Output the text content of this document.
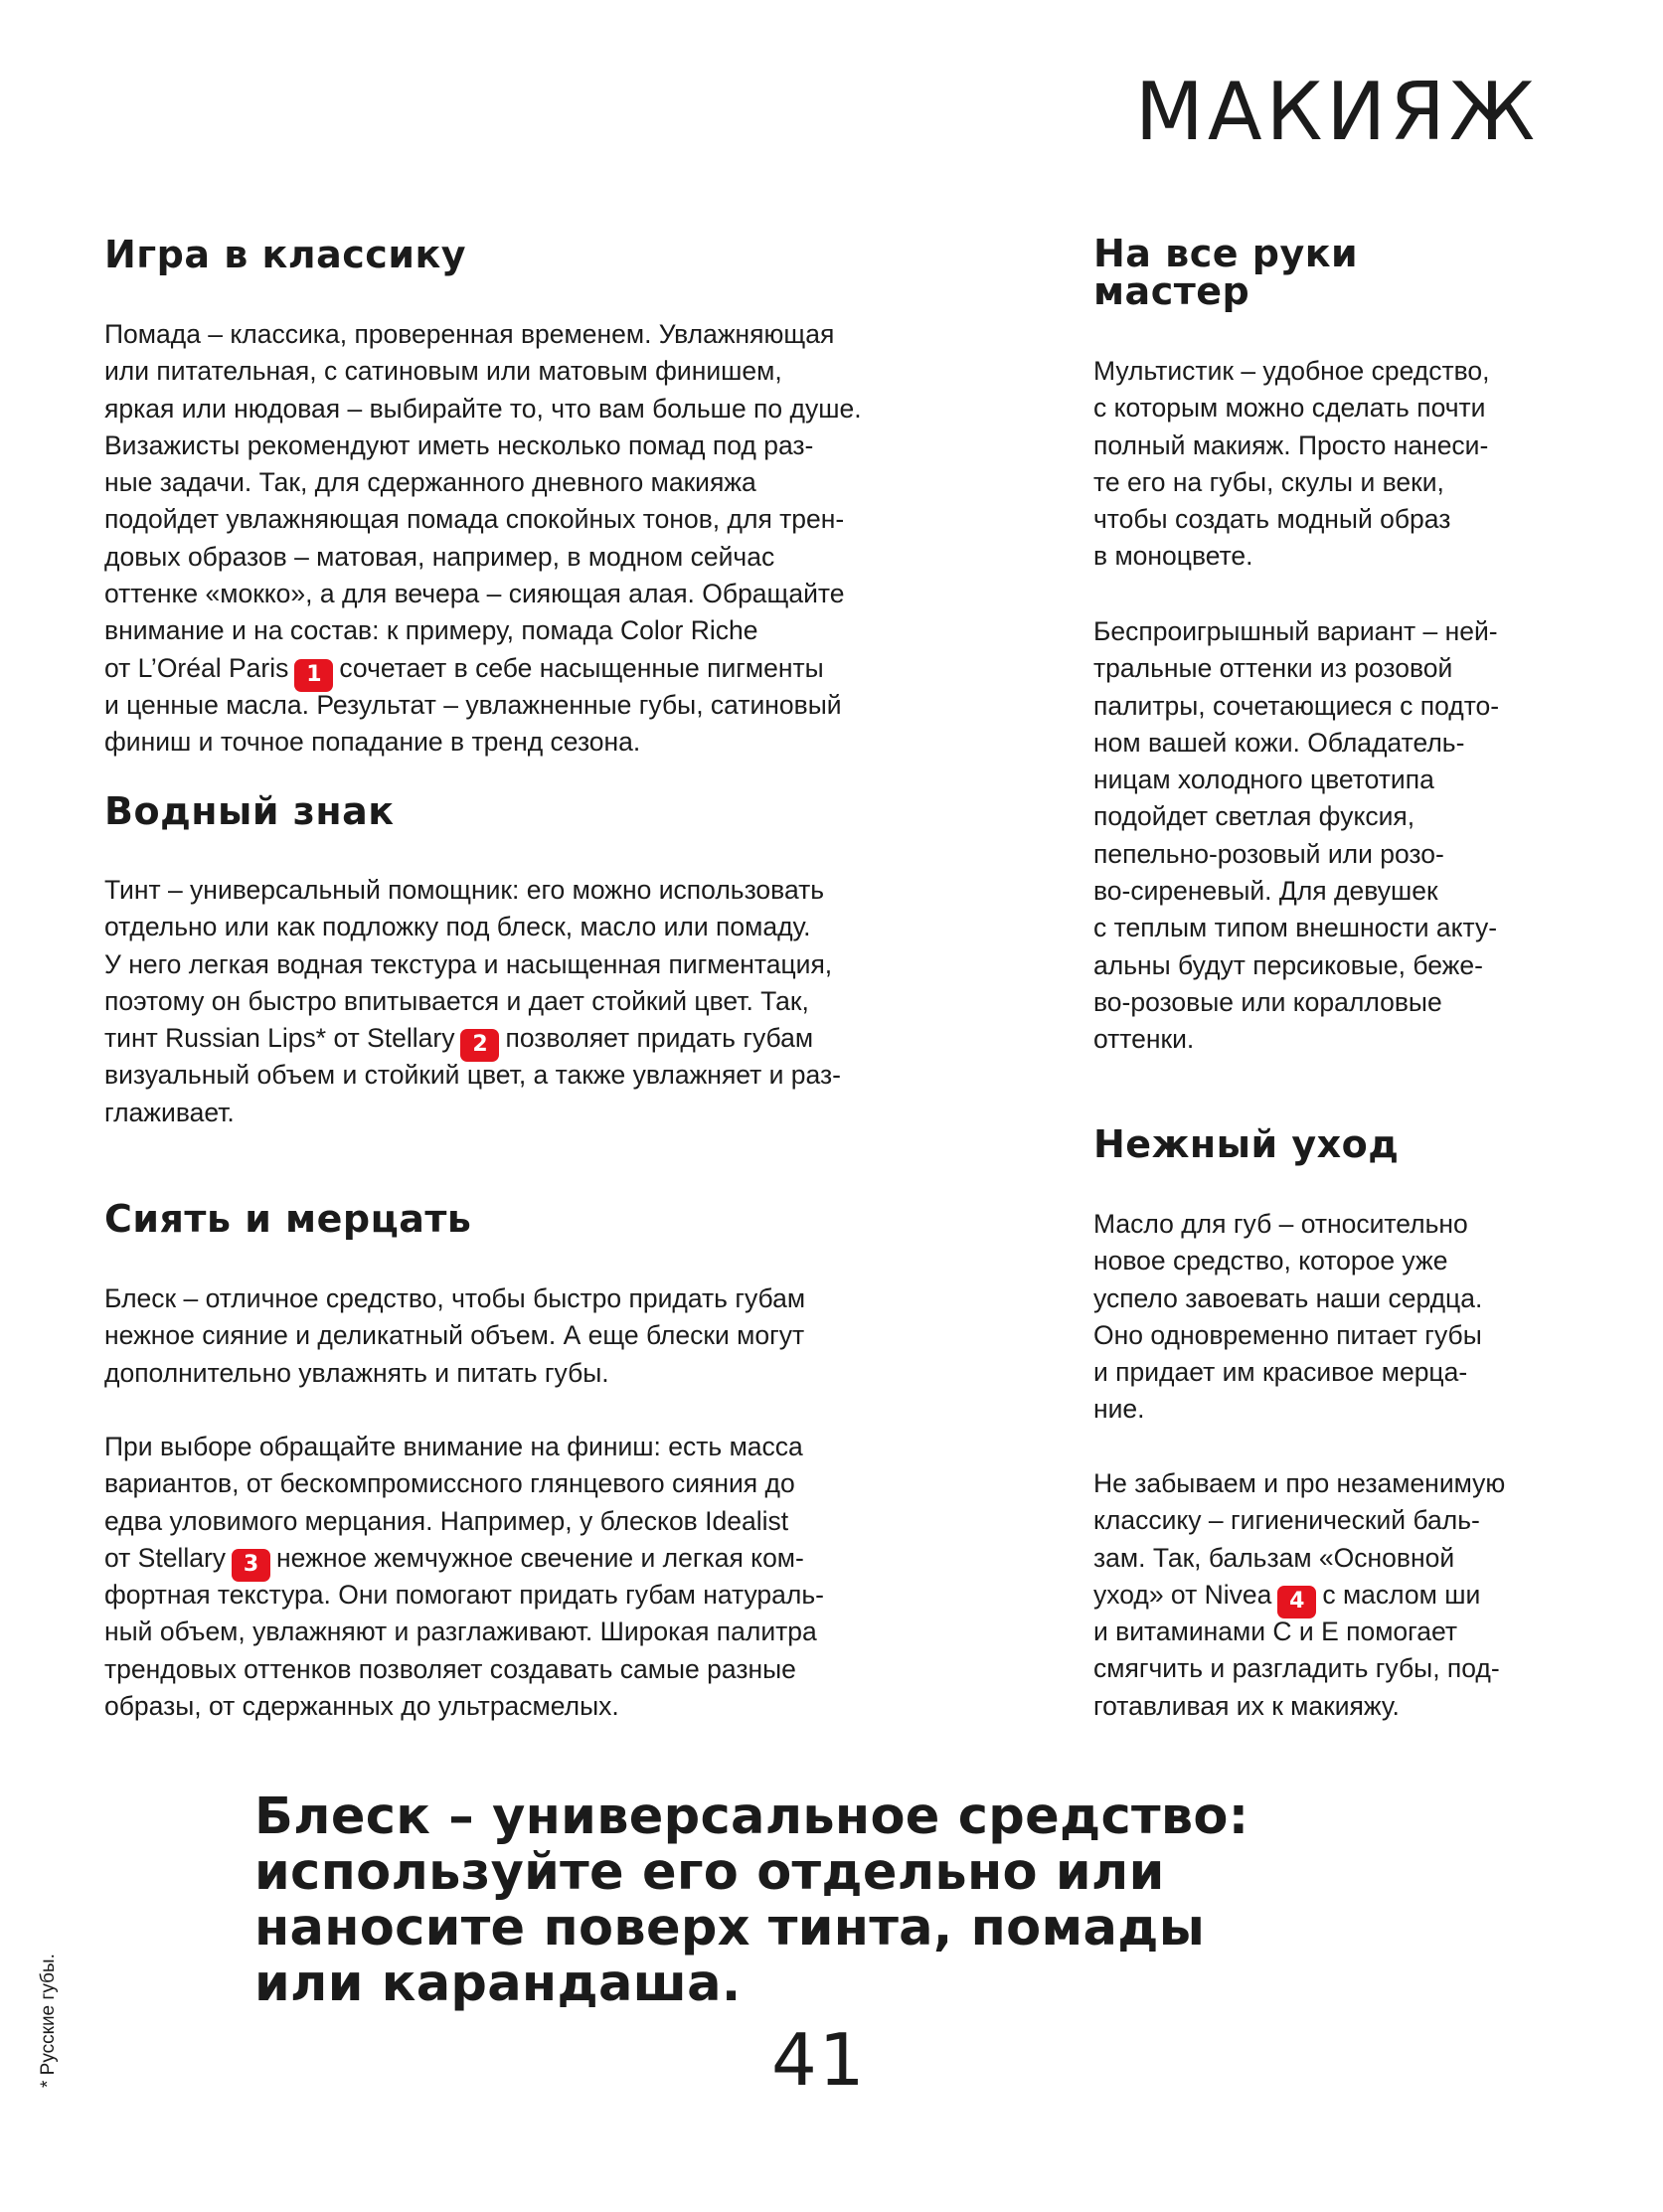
МАКИЯЖ
Игра в классику
Помада – классика, проверенная временем. Увлажняющая
или питательная, с сатиновым или матовым финишем,
яркая или нюдовая – выбирайте то, что вам больше по душе.
Визажисты рекомендуют иметь несколько помад под раз-
ные задачи. Так, для сдержанного дневного макияжа
подойдет увлажняющая помада спокойных тонов, для трен-
довых образов – матовая, например, в модном сейчас
оттенке «мокко», а для вечера – сияющая алая. Обращайте
внимание и на состав: к примеру, помада Color Riche
от L’Oréal Paris 1 сочетает в себе насыщенные пигменты
и ценные масла. Результат – увлажненные губы, сатиновый
финиш и точное попадание в тренд сезона.
Водный знак
Тинт – универсальный помощник: его можно использовать
отдельно или как подложку под блеск, масло или помаду.
У него легкая водная текстура и насыщенная пигментация,
поэтому он быстро впитывается и дает стойкий цвет. Так,
тинт Russian Lips* от Stellary 2 позволяет придать губам
визуальный объем и стойкий цвет, а также увлажняет и раз-
глаживает.
Сиять и мерцать
Блеск – отличное средство, чтобы быстро придать губам
нежное сияние и деликатный объем. А еще блески могут
дополнительно увлажнять и питать губы.
При выборе обращайте внимание на финиш: есть масса
вариантов, от бескомпромиссного глянцевого сияния до
едва уловимого мерцания. Например, у блесков Idealist
от Stellary 3 нежное жемчужное свечение и легкая ком-
фортная текстура. Они помогают придать губам натураль-
ный объем, увлажняют и разглаживают. Широкая палитра
трендовых оттенков позволяет создавать самые разные
образы, от сдержанных до ультрасмелых.
На все руки
мастер
Мультистик – удобное средство,
с которым можно сделать почти
полный макияж. Просто нанеси-
те его на губы, скулы и веки,
чтобы создать модный образ
в моноцвете.
Беспроигрышный вариант – ней-
тральные оттенки из розовой
палитры, сочетающиеся с подто-
ном вашей кожи. Обладатель-
ницам холодного цветотипа
подойдет светлая фуксия,
пепельно-розовый или розо-
во-сиреневый. Для девушек
с теплым типом внешности акту-
альны будут персиковые, беже-
во-розовые или коралловые
оттенки.
Нежный уход
Масло для губ – относительно
новое средство, которое уже
успело завоевать наши сердца.
Оно одновременно питает губы
и придает им красивое мерца-
ние.
Не забываем и про незаменимую
классику – гигиенический баль-
зам. Так, бальзам «Основной
уход» от Nivea 4 с маслом ши
и витаминами C и E помогает
смягчить и разгладить губы, под-
готавливая их к макияжу.
Блеск – универсальное средство:
используйте его отдельно или
наносите поверх тинта, помады
или карандаша.
41
* Русские губы.
